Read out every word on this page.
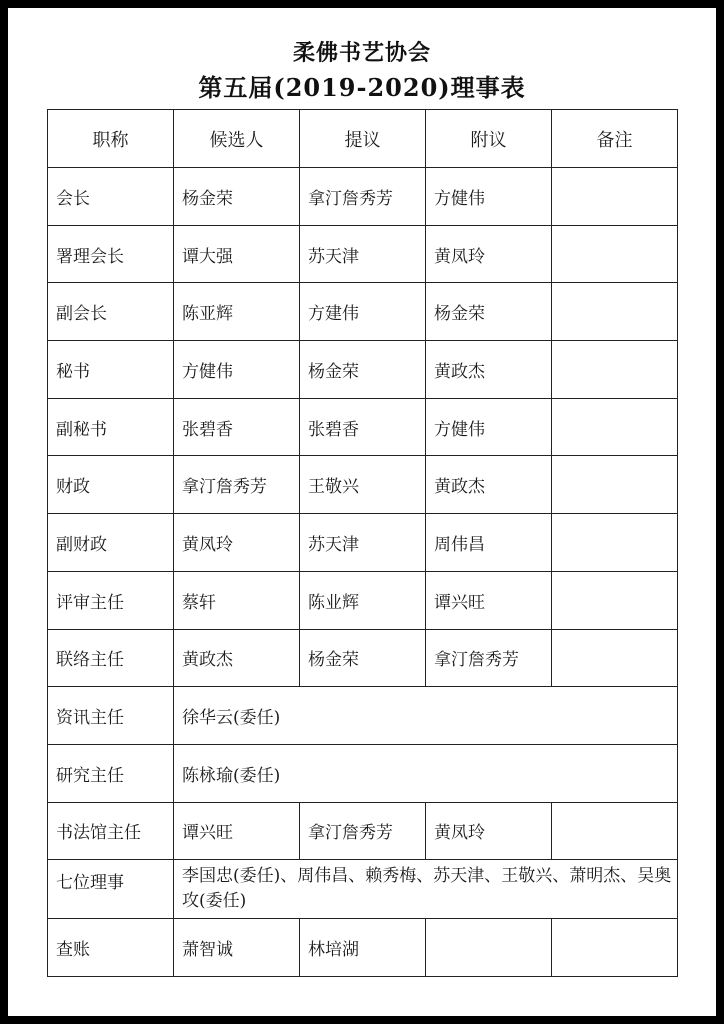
柔佛书艺协会
第五届(2019-2020)理事表
职称	候选人	提议	附议	备注
会长	杨金荣	拿汀詹秀芳	方健伟	
署理会长	谭大强	苏天津	黄凤玲	
副会长	陈亚辉	方建伟	杨金荣	
秘书	方健伟	杨金荣	黄政杰	
副秘书	张碧香	张碧香	方健伟	
财政	拿汀詹秀芳	王敬兴	黄政杰	
副财政	黄凤玲	苏天津	周伟昌	
评审主任	蔡轩	陈业辉	谭兴旺	
联络主任	黄政杰	杨金荣	拿汀詹秀芳	
资讯主任	徐华云(委任)			
研究主任	陈栐瑜(委任)			
书法馆主任	谭兴旺	拿汀詹秀芳	黄凤玲	
七位理事	李国忠(委任)、周伟昌、赖秀梅、苏天津、王敬兴、萧明杰、吴奥攻(委任)			
查账	萧智诚	林培湖		
